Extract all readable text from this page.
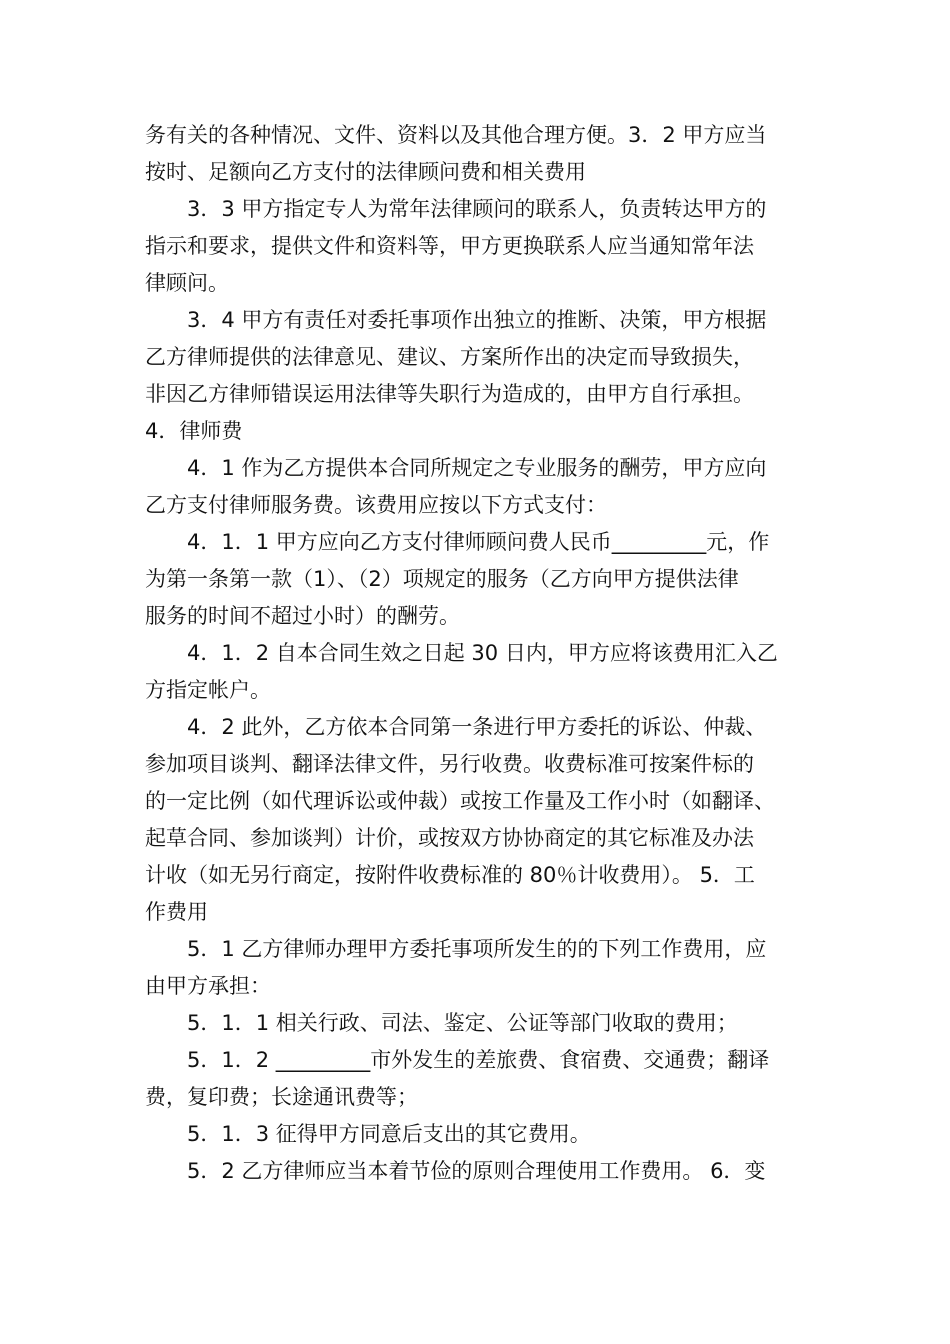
务有关的各种情况、文件、资料以及其他合理方便。3．2 甲方应当
按时、足额向乙方支付的法律顾问费和相关费用
3．3 甲方指定专人为常年法律顾问的联系人，负责转达甲方的
指示和要求，提供文件和资料等，甲方更换联系人应当通知常年法
律顾问。
3．4 甲方有责任对委托事项作出独立的推断、决策，甲方根据
乙方律师提供的法律意见、建议、方案所作出的决定而导致损失，
非因乙方律师错误运用法律等失职行为造成的，由甲方自行承担。
4．律师费
4．1 作为乙方提供本合同所规定之专业服务的酬劳，甲方应向
乙方支付律师服务费。该费用应按以下方式支付：
4．1．1 甲方应向乙方支付律师顾问费人民币_________元，作
为第一条第一款（1）、（2）项规定的服务（乙方向甲方提供法律
服务的时间不超过小时）的酬劳。
4．1．2 自本合同生效之日起 30 日内，甲方应将该费用汇入乙
方指定帐户。
4．2 此外，乙方依本合同第一条进行甲方委托的诉讼、仲裁、
参加项目谈判、翻译法律文件，另行收费。收费标准可按案件标的
的一定比例（如代理诉讼或仲裁）或按工作量及工作小时（如翻译、
起草合同、参加谈判）计价，或按双方协协商定的其它标准及办法
计收（如无另行商定，按附件收费标准的 80％计收费用）。 5．工
作费用
5．1 乙方律师办理甲方委托事项所发生的的下列工作费用，应
由甲方承担：
5．1．1 相关行政、司法、鉴定、公证等部门收取的费用；
5．1．2 _________市外发生的差旅费、食宿费、交通费；翻译
费，复印费；长途通讯费等；
5．1．3 征得甲方同意后支出的其它费用。
5．2 乙方律师应当本着节俭的原则合理使用工作费用。 6．变
